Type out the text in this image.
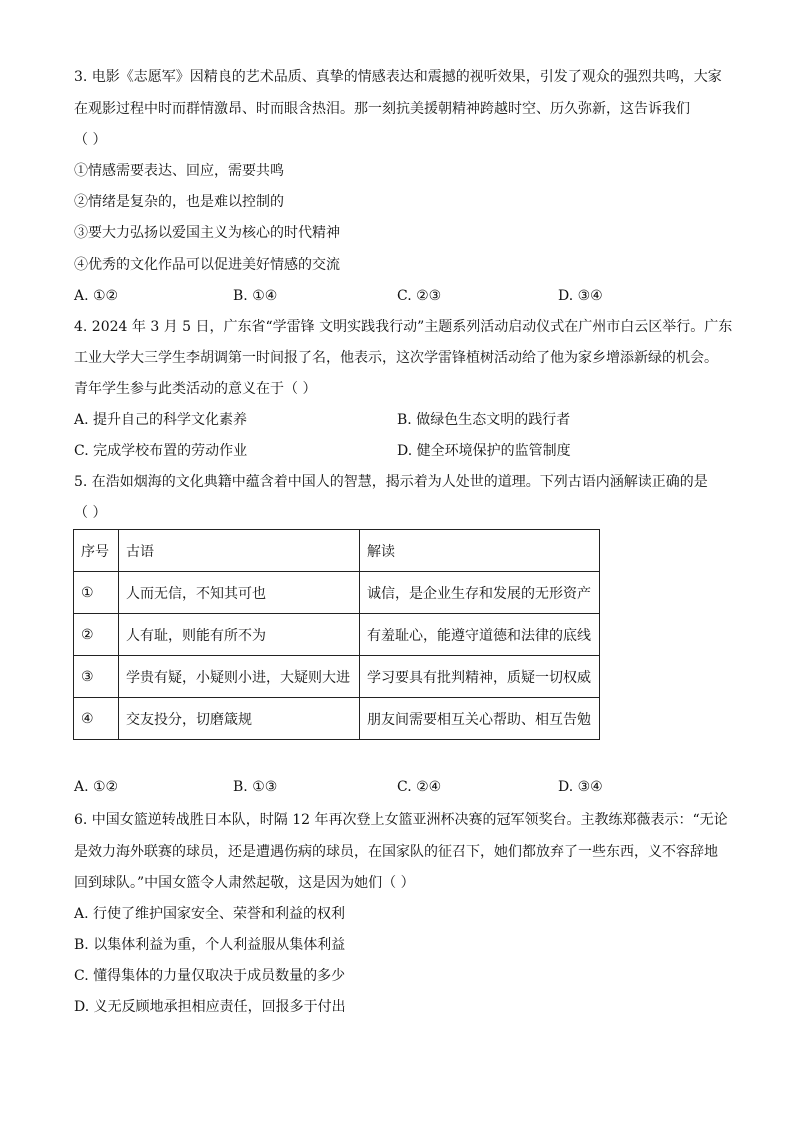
3. 电影《志愿军》因精良的艺术品质、真挚的情感表达和震撼的视听效果，引发了观众的强烈共鸣，大家
在观影过程中时而群情激昂、时而眼含热泪。那一刻抗美援朝精神跨越时空、历久弥新，这告诉我们
（ ）
①情感需要表达、回应，需要共鸣
②情绪是复杂的，也是难以控制的
③要大力弘扬以爱国主义为核心的时代精神
④优秀的文化作品可以促进美好情感的交流
A. ①②	B. ①④	C. ②③	D. ③④
4. 2024 年 3 月 5 日，广东省“学雷锋 文明实践我行动”主题系列活动启动仪式在广州市白云区举行。广东
工业大学大三学生李胡调第一时间报了名，他表示，这次学雷锋植树活动给了他为家乡增添新绿的机会。
青年学生参与此类活动的意义在于（ ）
A. 提升自己的科学文化素养	B. 做绿色生态文明的践行者
C. 完成学校布置的劳动作业	D. 健全环境保护的监管制度
5. 在浩如烟海的文化典籍中蕴含着中国人的智慧，揭示着为人处世的道理。下列古语内涵解读正确的是
（ ）
序号	古语	解读
①	人而无信，不知其可也	诚信，是企业生存和发展的无形资产
②	人有耻，则能有所不为	有羞耻心，能遵守道德和法律的底线
③	学贵有疑，小疑则小进，大疑则大进	学习要具有批判精神，质疑一切权威
④	交友投分，切磨箴规	朋友间需要相互关心帮助、相互告勉
A. ①②	B. ①③	C. ②④	D. ③④
6. 中国女篮逆转战胜日本队，时隔 12 年再次登上女篮亚洲杯决赛的冠军领奖台。主教练郑薇表示：“无论
是效力海外联赛的球员，还是遭遇伤病的球员，在国家队的征召下，她们都放弃了一些东西，义不容辞地
回到球队。”中国女篮令人肃然起敬，这是因为她们（ ）
A. 行使了维护国家安全、荣誉和利益的权利
B. 以集体利益为重，个人利益服从集体利益
C. 懂得集体的力量仅取决于成员数量的多少
D. 义无反顾地承担相应责任，回报多于付出
